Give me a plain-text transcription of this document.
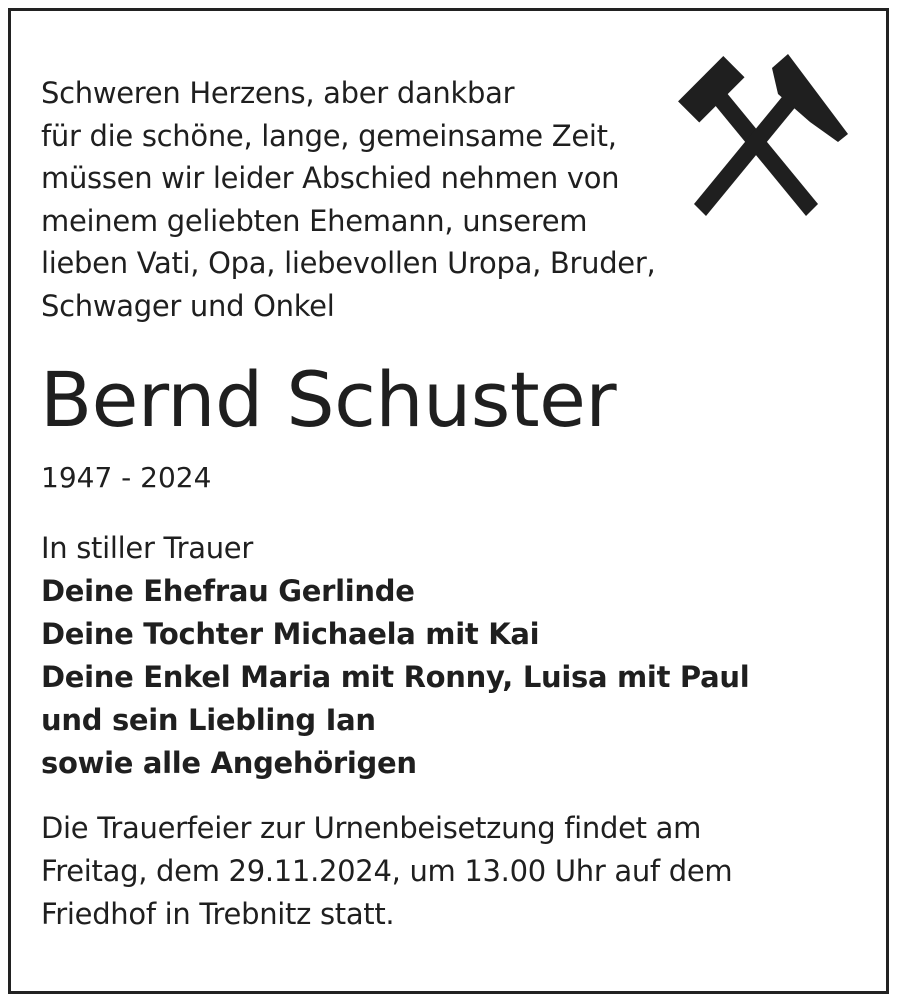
Schweren Herzens, aber dankbar
für die schöne, lange, gemeinsame Zeit,
müssen wir leider Abschied nehmen von
meinem geliebten Ehemann, unserem
lieben Vati, Opa, liebevollen Uropa, Bruder,
Schwager und Onkel
Bernd Schuster
1947 - 2024
In stiller Trauer
Deine Ehefrau Gerlinde
Deine Tochter Michaela mit Kai
Deine Enkel Maria mit Ronny, Luisa mit Paul
und sein Liebling Ian
sowie alle Angehörigen
Die Trauerfeier zur Urnenbeisetzung findet am
Freitag, dem 29.11.2024, um 13.00 Uhr auf dem
Friedhof in Trebnitz statt.
